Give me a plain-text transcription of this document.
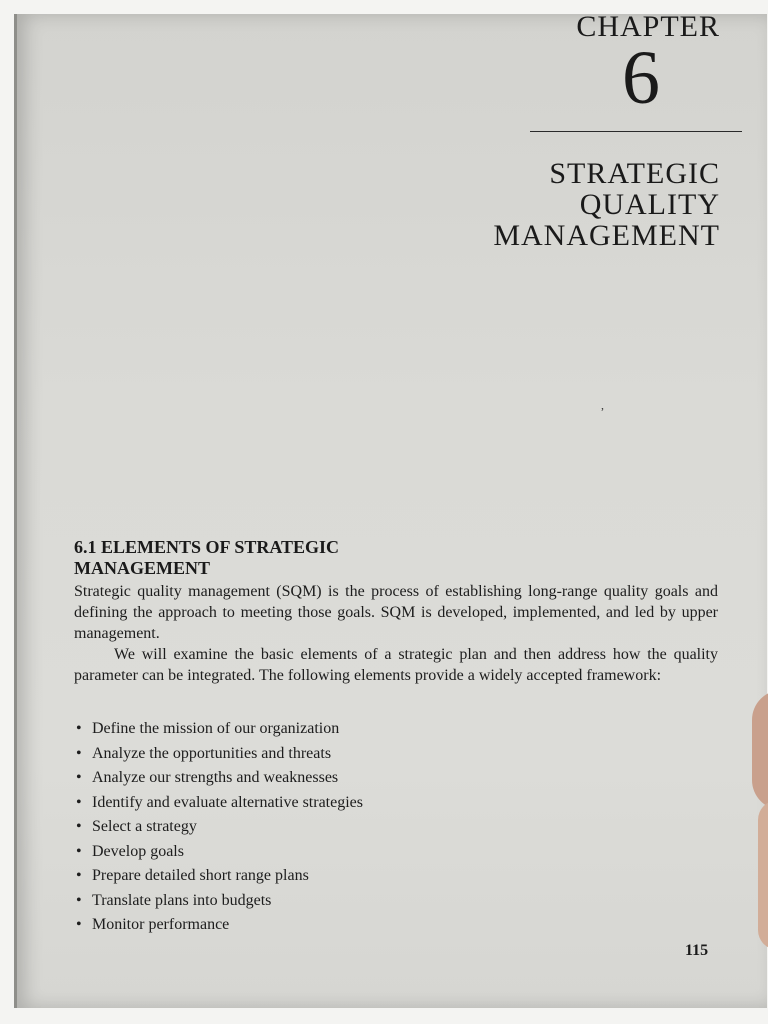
,
CHAPTER
6
STRATEGIC
QUALITY
MANAGEMENT
6.1 ELEMENTS OF STRATEGIC
MANAGEMENT

Strategic quality management (SQM) is the process of establishing long-range quality goals and defining the approach to meeting those goals. SQM is developed, implemented, and led by upper management.

We will examine the basic elements of a strategic plan and then address how the quality parameter can be integrated. The following elements provide a widely accepted framework:

• Define the mission of our organization
• Analyze the opportunities and threats
• Analyze our strengths and weaknesses
• Identify and evaluate alternative strategies
• Select a strategy
• Develop goals
• Prepare detailed short range plans
• Translate plans into budgets
• Monitor performance
115
